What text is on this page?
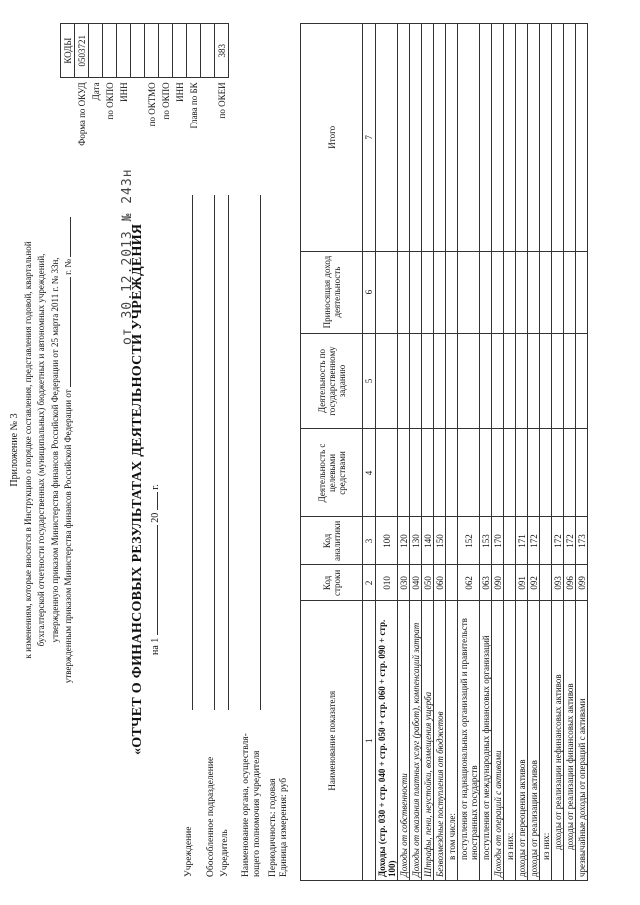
Приложение № 3 к изменениям, которые вносятся в Инструкцию о порядке составления, представления годовой, квартальной бухгалтерской отчетности государственных (муниципальных) бюджетных и автономных учреждений, утвержденную приказом Министерства финансов Российской Федерации от 25 марта 2011 г. № 33н, утвержденным приказом Министерства финансов Российской Федерации от  г. №	от 30.12.2013 № 243н
«ОТЧЕТ О ФИНАНСОВЫХ РЕЗУЛЬТАТАХ ДЕЯТЕЛЬНОСТИ УЧРЕЖДЕНИЯ на 1  20  г.
Учреждение Обособленное подразделение Учредитель Наименование органа, осуществля- ющего полномочия учредителя Периодичность: годовая Единица измерения: руб
	КОДЫ
Форма по ОКУД	0503721
Дата	
по ОКПО	
ИНН	

по ОКТМО	
по ОКПО	
ИНН	
Глава по БК	

по ОКЕИ	383
Наименование показателя	Код строки	Код аналитики	Деятельность с целевыми средствами	Деятельность по государственному заданию	Приносящая доход деятельность	Итого
1	2	3	4	5	6	7
Доходы (стр. 030 + стр. 040 + стр. 050 + стр. 060 + стр. 090 + стр. 100)	010	100				
Доходы от собственности	030	120				
Доходы от оказания платных услуг (работ), компенсаций затрат	040	130				
Штрафы, пени, неустойки, возмещения ущерба	050	140				
Безвозмездные поступления от бюджетов	060	150				
в том числе:						
поступления от наднациональных организаций и правительств иностранных государств	062	152				
поступления от международных финансовых организаций	063	153				
Доходы от операций с активами	090	170				
из них:						
доходы от переоценки активов	091	171				
доходы от реализации активов	092	172				
из них:						
доходы от реализации нефинансовых активов	093	172				
доходы от реализации финансовых активов	096	172				
чрезвычайные доходы от операций с активами	099	173				
